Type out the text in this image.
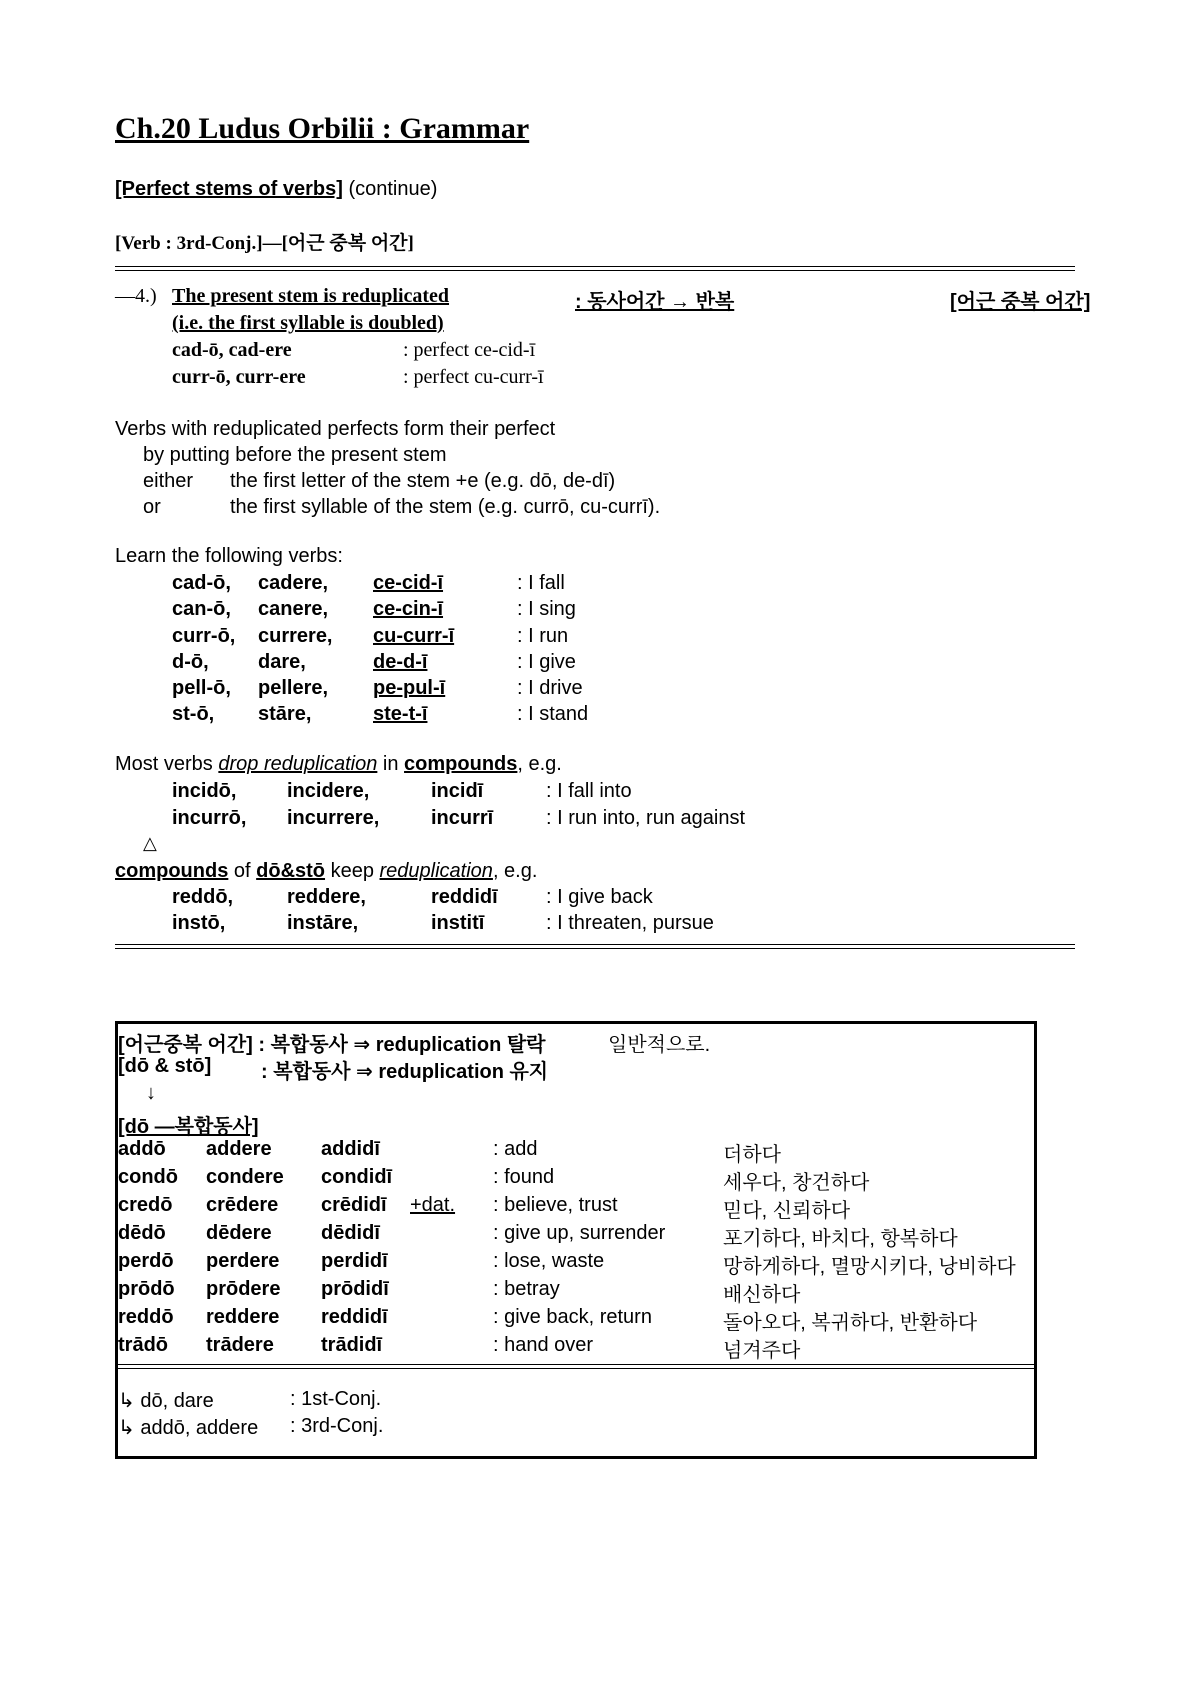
Ch.20 Ludus Orbilii : Grammar
[Perfect stems of verbs] (continue)
[Verb : 3rd-Conj.]—[어근 중복 어간]
—4.) The present stem is reduplicated	: 동사어간 → 반복	[어근 중복 어간]
(i.e. the first syllable is doubled)
cad-ō, cad-ere	: perfect ce-cid-ī
curr-ō, curr-ere	: perfect cu-curr-ī
Verbs with reduplicated perfects form their perfect
by putting before the present stem
either the first letter of the stem +e (e.g. dō, de-dī)
or	the first syllable of the stem (e.g. currō, cu-currī).
Learn the following verbs:
cad-ō, cadere, ce-cid-ī	: I fall
can-ō, canere, ce-cin-ī	: I sing
curr-ō, currere, cu-curr-ī	: I run
d-ō, dare,	de-d-ī	: I give
pell-ō, pellere, pe-pul-ī	: I drive
st-ō, stāre,	ste-t-ī	: I stand
Most verbs drop reduplication in compounds, e.g.
incidō,	incidere,	incidī	: I fall into
incurrō, incurrere,	incurrī	: I run into, run against
△
compounds of dō&stō keep reduplication, e.g.
reddō,	reddere,	reddidī : I give back
instō,	instāre,	institī	: I threaten, pursue
[어근중복 어간] : 복합동사 ⇒ reduplication 탈락	일반적으로.
[dō & stō] : 복합동사 ⇒ reduplication 유지
↓
[dō —복합동사]
addō addere addidī	: add	더하다
condō condere condidī	: found	세우다, 창건하다
credō crēdere crēdidī +dat. : believe, trust	믿다, 신뢰하다
dēdō dēdere dēdidī	: give up, surrender	포기하다, 바치다, 항복하다
perdō perdere perdidī	: lose, waste	망하게하다, 멸망시키다, 낭비하다
prōdō prōdere prōdidī	: betray	배신하다
reddō reddere reddidī	: give back, return	돌아오다, 복귀하다, 반환하다
trādō trādere trādidī	: hand over	넘겨주다
↳ dō, dare	: 1st-Conj.
↳ addō, addere : 3rd-Conj.
